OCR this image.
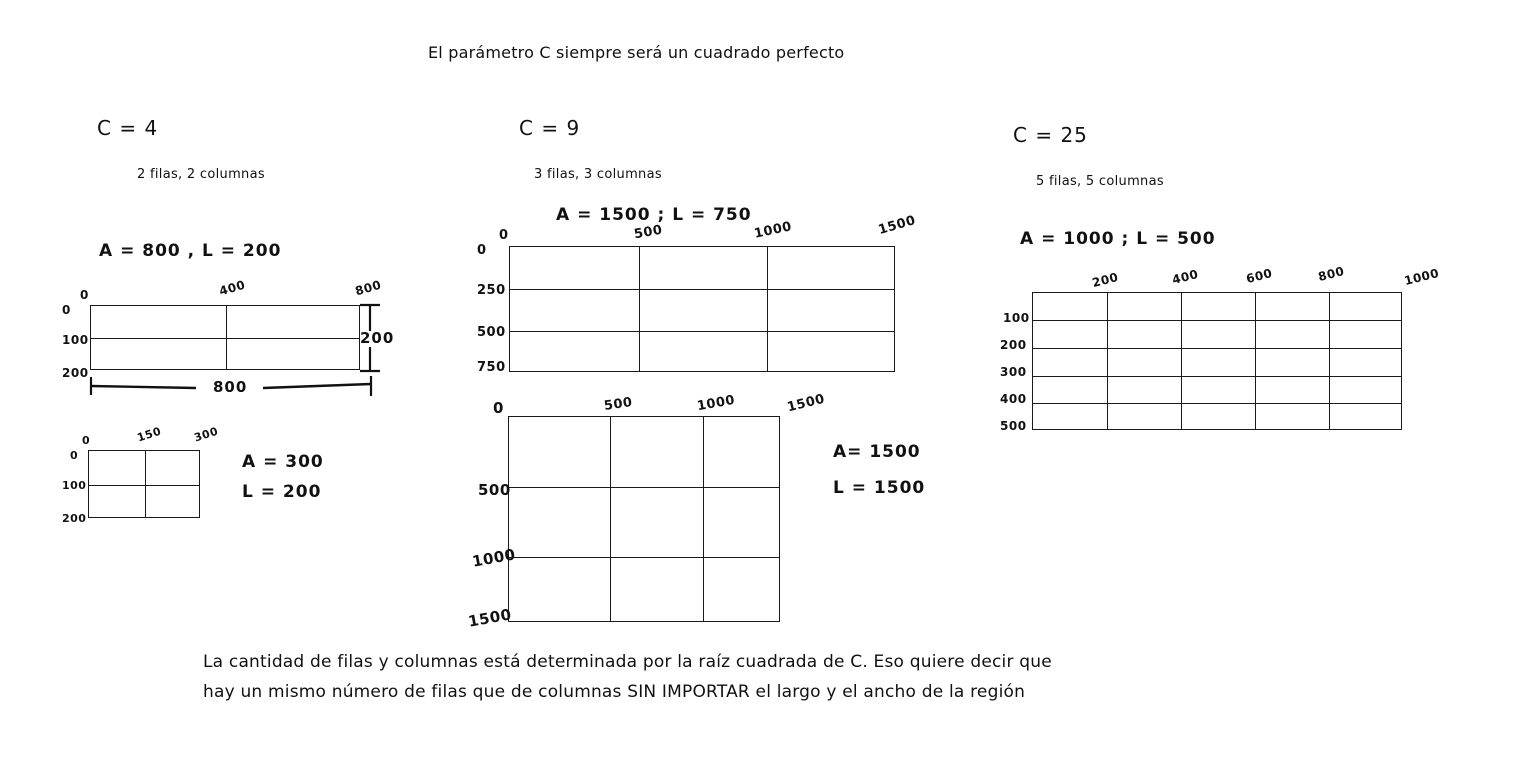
El parámetro C siempre será un cuadrado perfecto
C = 4
2 filas, 2 columnas
A = 800 , L = 200
0	400	800
0
100
200
200
800
0	150	300
0
100
200
A = 300
L = 200
C = 9
3 filas, 3 columnas
A = 1500 ; L = 750
0	500	1000	1500
0
250
500
750
0	500	1000	1500
500
1000
1500
A= 1500
L = 1500
C = 25
5 filas, 5 columnas
A = 1000 ; L = 500
200	400	600	800	1000
100
200
300
400
500
La cantidad de filas y columnas está determinada por la raíz cuadrada de C. Eso quiere decir que
hay un mismo número de filas que de columnas SIN IMPORTAR el largo y el ancho de la región
